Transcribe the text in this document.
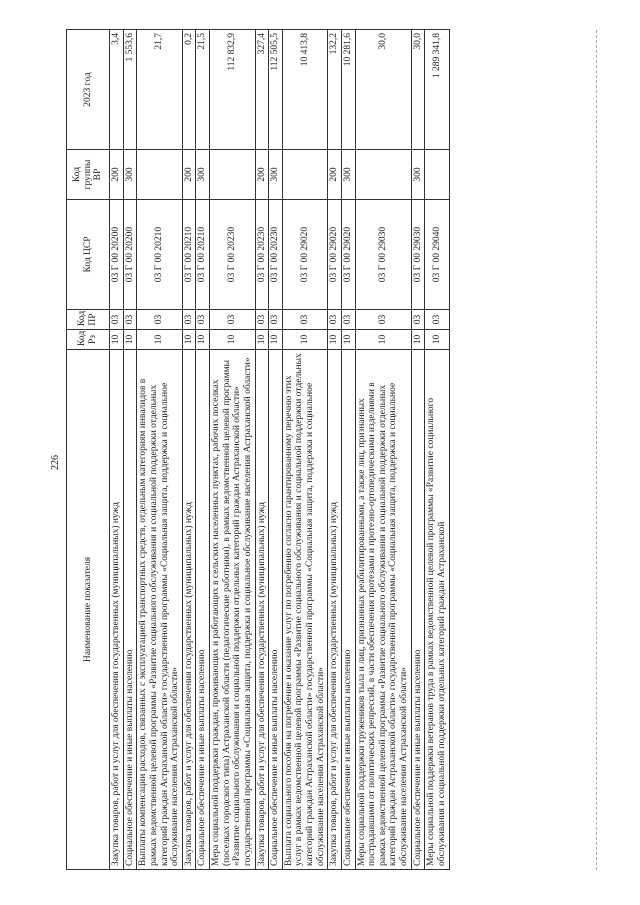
226
Наименование показателя	Код Рз	Код ПР	Код ЦСР	Код группы ВР	2023 год
Закупка товаров, работ и услуг для обеспечения государственных (муниципальных) нужд	10	03	03 Г 00 20200	200	3,4
Социальное обеспечение и иные выплаты населению	10	03	03 Г 00 20200	300	1 553,6
Выплаты компенсации расходов, связанных с эксплуатацией транспортных средств, отдельным категориям инвалидов в рамках ведомственной целевой программы «Развитие социального обслуживания и социальной поддержки отдельных категорий граждан Астраханской области» государственной программы «Социальная защита, поддержка и социальное обслуживание населения Астраханской области»	10	03	03 Г 00 20210		21,7
Закупка товаров, работ и услуг для обеспечения государственных (муниципальных) нужд	10	03	03 Г 00 20210	200	0,2
Социальное обеспечение и иные выплаты населению	10	03	03 Г 00 20210	300	21,5
Мера социальной поддержки граждан, проживающих и работающих в сельских населенных пунктах, рабочих поселках (поселках городского типа) Астраханской области (педагогические работники), в рамках ведомственной целевой программы «Развитие социального обслуживания и социальной поддержки отдельных категорий граждан Астраханской области» государственной программы «Социальная защита, поддержка и социальное обслуживание населения Астраханской области»	10	03	03 Г 00 20230		112 832,9
Закупка товаров, работ и услуг для обеспечения государственных (муниципальных) нужд	10	03	03 Г 00 20230	200	327,4
Социальное обеспечение и иные выплаты населению	10	03	03 Г 00 20230	300	112 505,5
Выплата социального пособия на погребение и оказание услуг по погребению согласно гарантированному перечню этих услуг в рамках ведомственной целевой программы «Развитие социального обслуживания и социальной поддержки отдельных категорий граждан Астраханской области» государственной программы «Социальная защита, поддержка и социальное обслуживание населения Астраханской области»	10	03	03 Г 00 29020		10 413,8
Закупка товаров, работ и услуг для обеспечения государственных (муниципальных) нужд	10	03	03 Г 00 29020	200	132,2
Социальное обеспечение и иные выплаты населению	10	03	03 Г 00 29020	300	10 281,6
Меры социальной поддержки тружеников тыла и лиц, признанных реабилитированными, а также лиц, признанных пострадавшими от политических репрессий, в части обеспечения протезами и протезно-ортопедическими изделиями в рамках ведомственной целевой программы «Развитие социального обслуживания и социальной поддержки отдельных категорий граждан Астраханской области» государственной программы «Социальная защита, поддержка и социальное обслуживание населения Астраханской области»	10	03	03 Г 00 29030		30,0
Социальное обеспечение и иные выплаты населению	10	03	03 Г 00 29030	300	30,0
Меры социальной поддержки ветеранов труда в рамках ведомственной целевой программы «Развитие социального обслуживания и социальной поддержки отдельных категорий граждан Астраханской	10	03	03 Г 00 29040		1 289 341,8
